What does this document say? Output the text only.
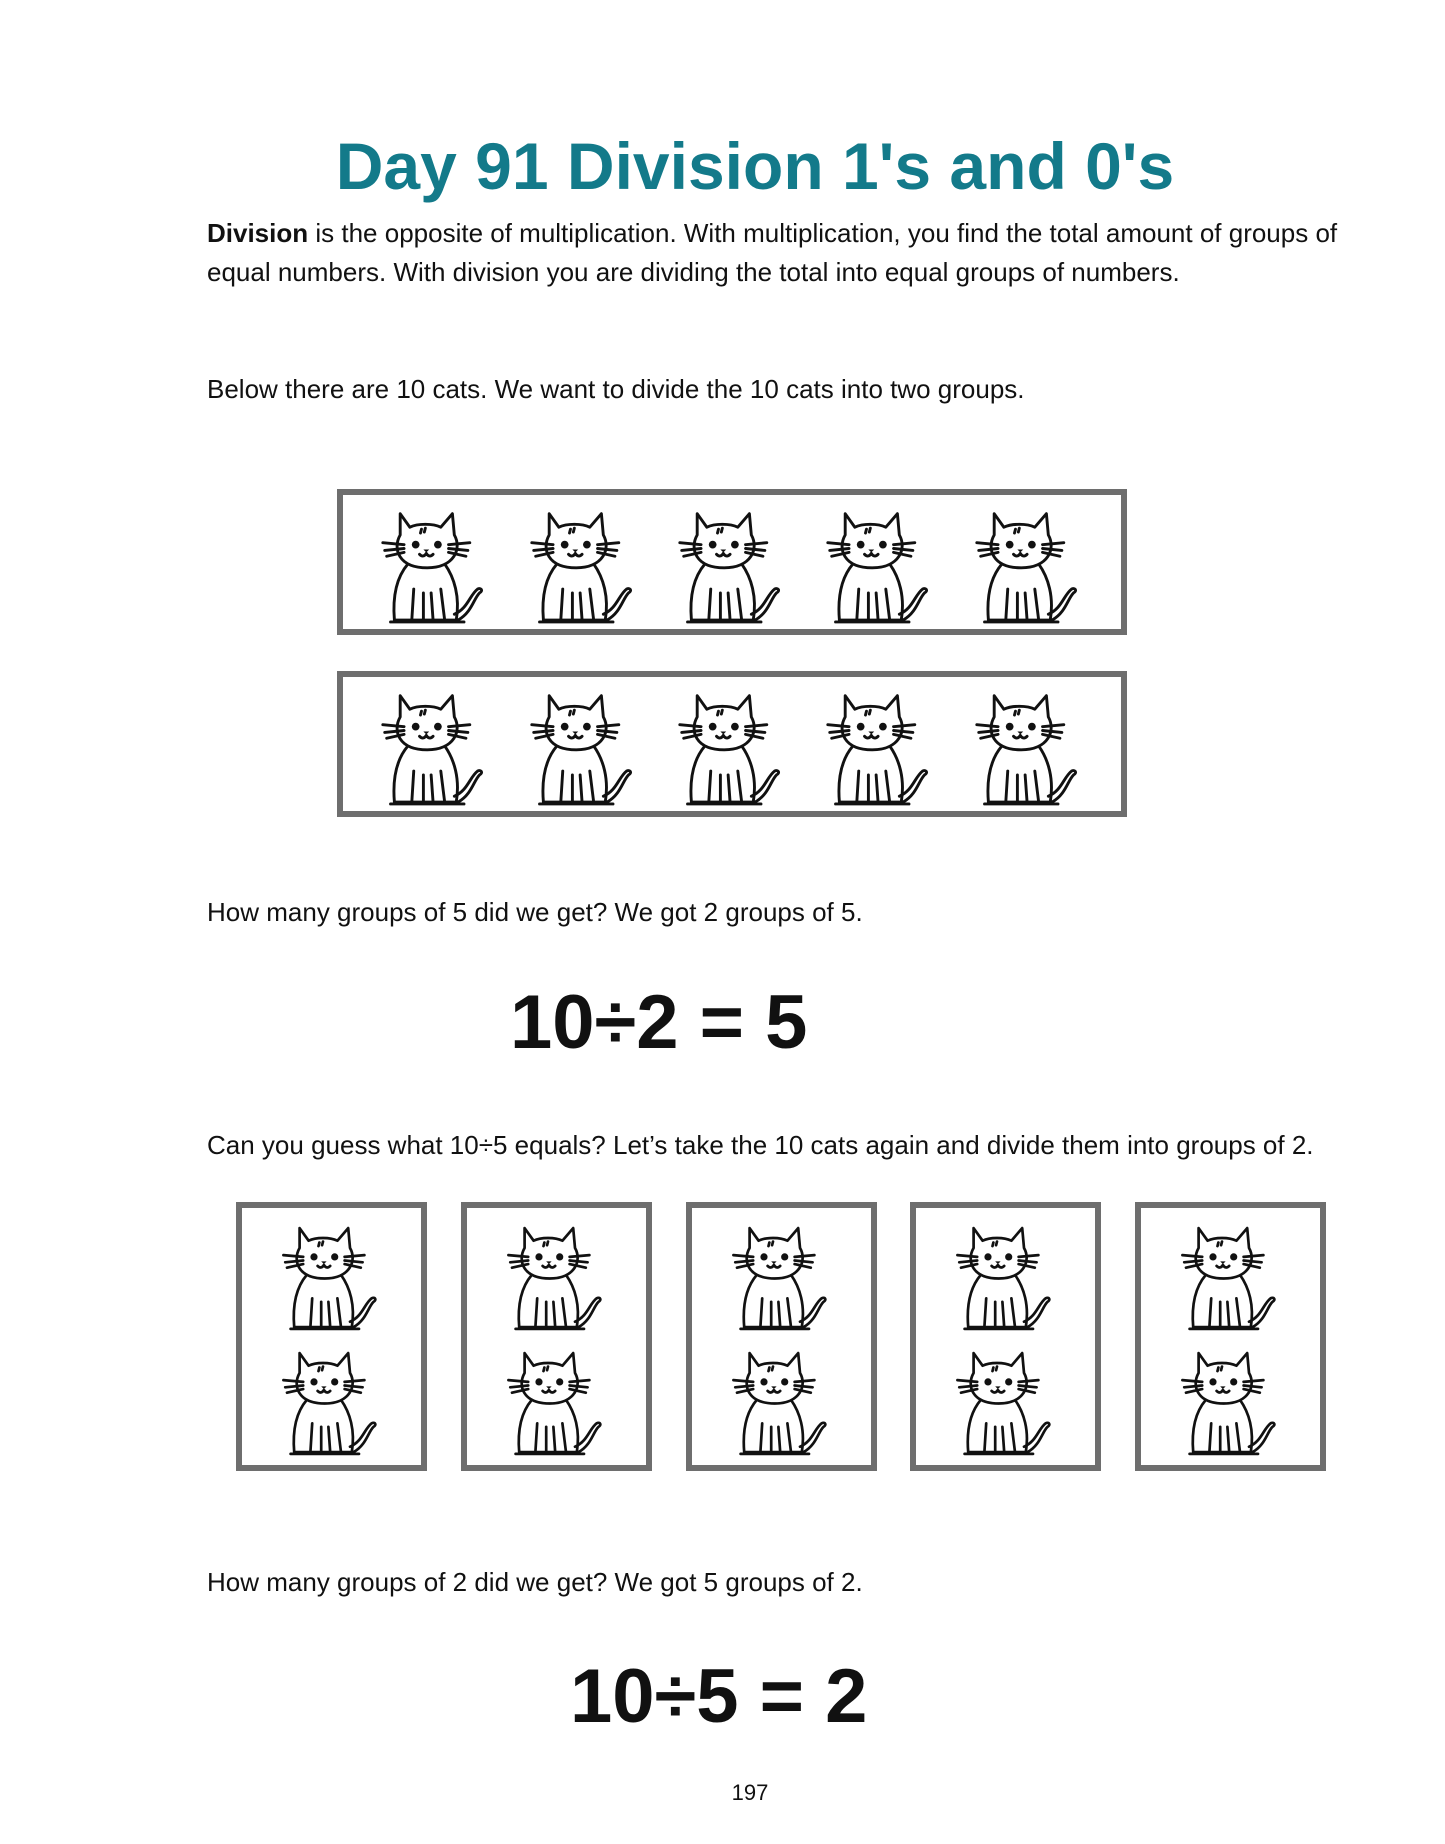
Day 91 Division 1's and 0's

Division is the opposite of multiplication. With multiplication, you find the total amount of groups of equal numbers. With division you are dividing the total into equal groups of numbers.

Below there are 10 cats. We want to divide the 10 cats into two groups.

How many groups of 5 did we get? We got 2 groups of 5.

10÷2 = 5

Can you guess what 10÷5 equals? Let’s take the 10 cats again and divide them into groups of 2.

How many groups of 2 did we get? We got 5 groups of 2.

10÷5 = 2

197
